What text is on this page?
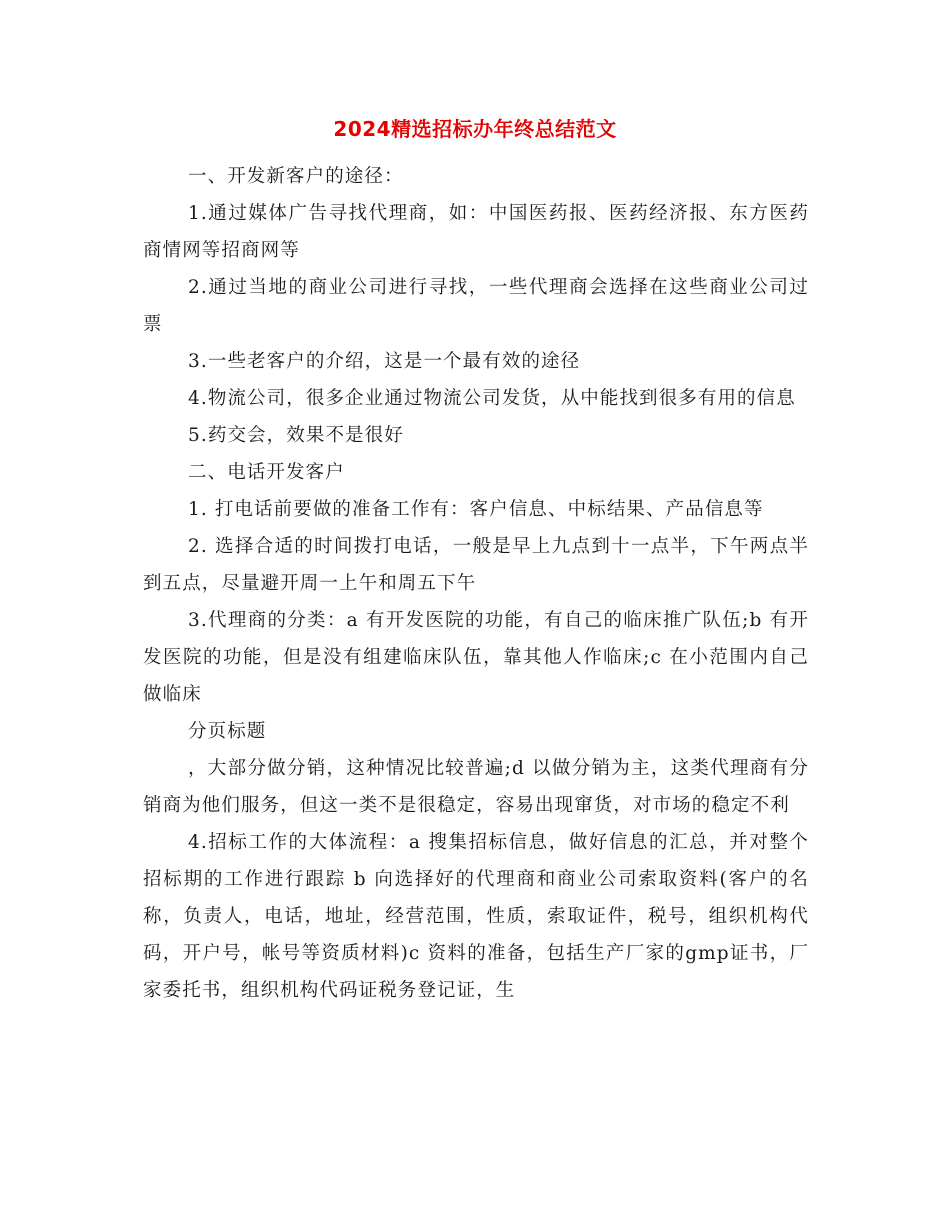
2024精选招标办年终总结范文

一、开发新客户的途径：

1.通过媒体广告寻找代理商，如：中国医药报、医药经济报、东方医药商情网等招商网等

2.通过当地的商业公司进行寻找，一些代理商会选择在这些商业公司过票

3.一些老客户的介绍，这是一个最有效的途径

4.物流公司，很多企业通过物流公司发货，从中能找到很多有用的信息

5.药交会，效果不是很好

二、电话开发客户

1. 打电话前要做的准备工作有：客户信息、中标结果、产品信息等

2. 选择合适的时间拨打电话，一般是早上九点到十一点半，下午两点半到五点，尽量避开周一上午和周五下午

3.代理商的分类：a 有开发医院的功能，有自己的临床推广队伍;b 有开发医院的功能，但是没有组建临床队伍，靠其他人作临床;c 在小范围内自己做临床

分页标题

，大部分做分销，这种情况比较普遍;d 以做分销为主，这类代理商有分销商为他们服务，但这一类不是很稳定，容易出现窜货，对市场的稳定不利

4.招标工作的大体流程：a 搜集招标信息，做好信息的汇总，并对整个招标期的工作进行跟踪 b 向选择好的代理商和商业公司索取资料(客户的名称，负责人，电话，地址，经营范围，性质，索取证件，税号，组织机构代码，开户号，帐号等资质材料)c 资料的准备，包括生产厂家的gmp证书，厂家委托书，组织机构代码证税务登记证，生
